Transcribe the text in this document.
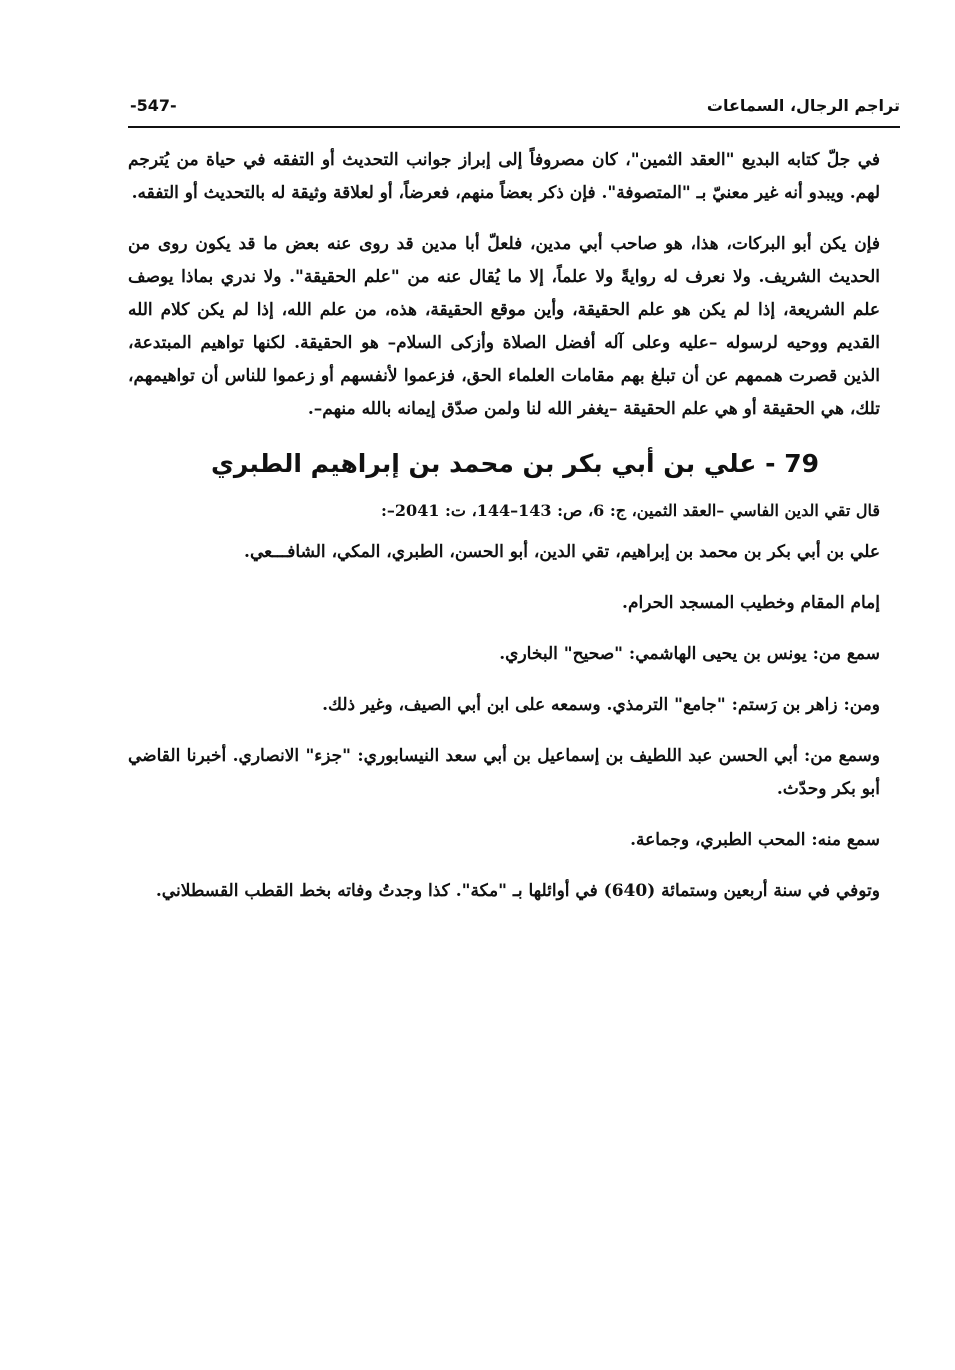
تراجم الرجال، السماعات
-547-

في جلّ كتابه البديع "العقد الثمين"، كان مصروفاً إلى إبراز جوانب التحديث أو التفقه في حياة من يُترجم لهم. ويبدو أنه غير معنيّ بـ "المتصوفة". فإن ذكر بعضاً منهم، فعرضاً، أو لعلاقة وثيقة له بالتحديث أو التفقه.

فإن يكن أبو البركات، هذا، هو صاحب أبي مدين، فلعلّ أبا مدين قد روى عنه بعض ما قد يكون روى من الحديث الشريف. ولا نعرف له روايةً ولا علماً، إلا ما يُقال عنه من "علم الحقيقة". ولا ندري بماذا يوصف علم الشريعة، إذا لم يكن هو علم الحقيقة، وأين موقع الحقيقة، هذه، من علم الله، إذا لم يكن كلام الله القديم ووحيه لرسوله –عليه وعلى آله أفضل الصلاة وأزكى السلام– هو الحقيقة. لكنها تواهيم المبتدعة، الذين قصرت هممهم عن أن تبلغ بهم مقامات العلماء الحق، فزعموا لأنفسهم أو زعموا للناس أن تواهيمهم، تلك، هي الحقيقة أو هي علم الحقيقة –يغفر الله لنا ولمن صدّق إيمانه بالله منهم–.

79 - علي بن أبي بكر بن محمد بن إبراهيم الطبري

قال تقي الدين الفاسي –العقد الثمين، ج: 6، ص: 143–144، ت: 2041–:

علي بن أبي بكر بن محمد بن إبراهيم، تقي الدين، أبو الحسن، الطبري، المكي، الشافـــعي.

إمام المقام وخطيب المسجد الحرام.

سمع من: يونس بن يحيى الهاشمي: "صحيح" البخاري.

ومن: زاهر بن رَستم: "جامع" الترمذي. وسمعه على ابن أبي الصيف، وغير ذلك.

وسمع من: أبي الحسن عبد اللطيف بن إسماعيل بن أبي سعد النيسابوري: "جزء" الانصاري. أخبرنا القاضي أبو بكر وحدّث.

سمع منه: المحب الطبري، وجماعة.

وتوفي في سنة أربعين وستمائة (640) في أوائلها بـ "مكة". كذا وجدتُ وفاته بخط القطب القسطلاني.
